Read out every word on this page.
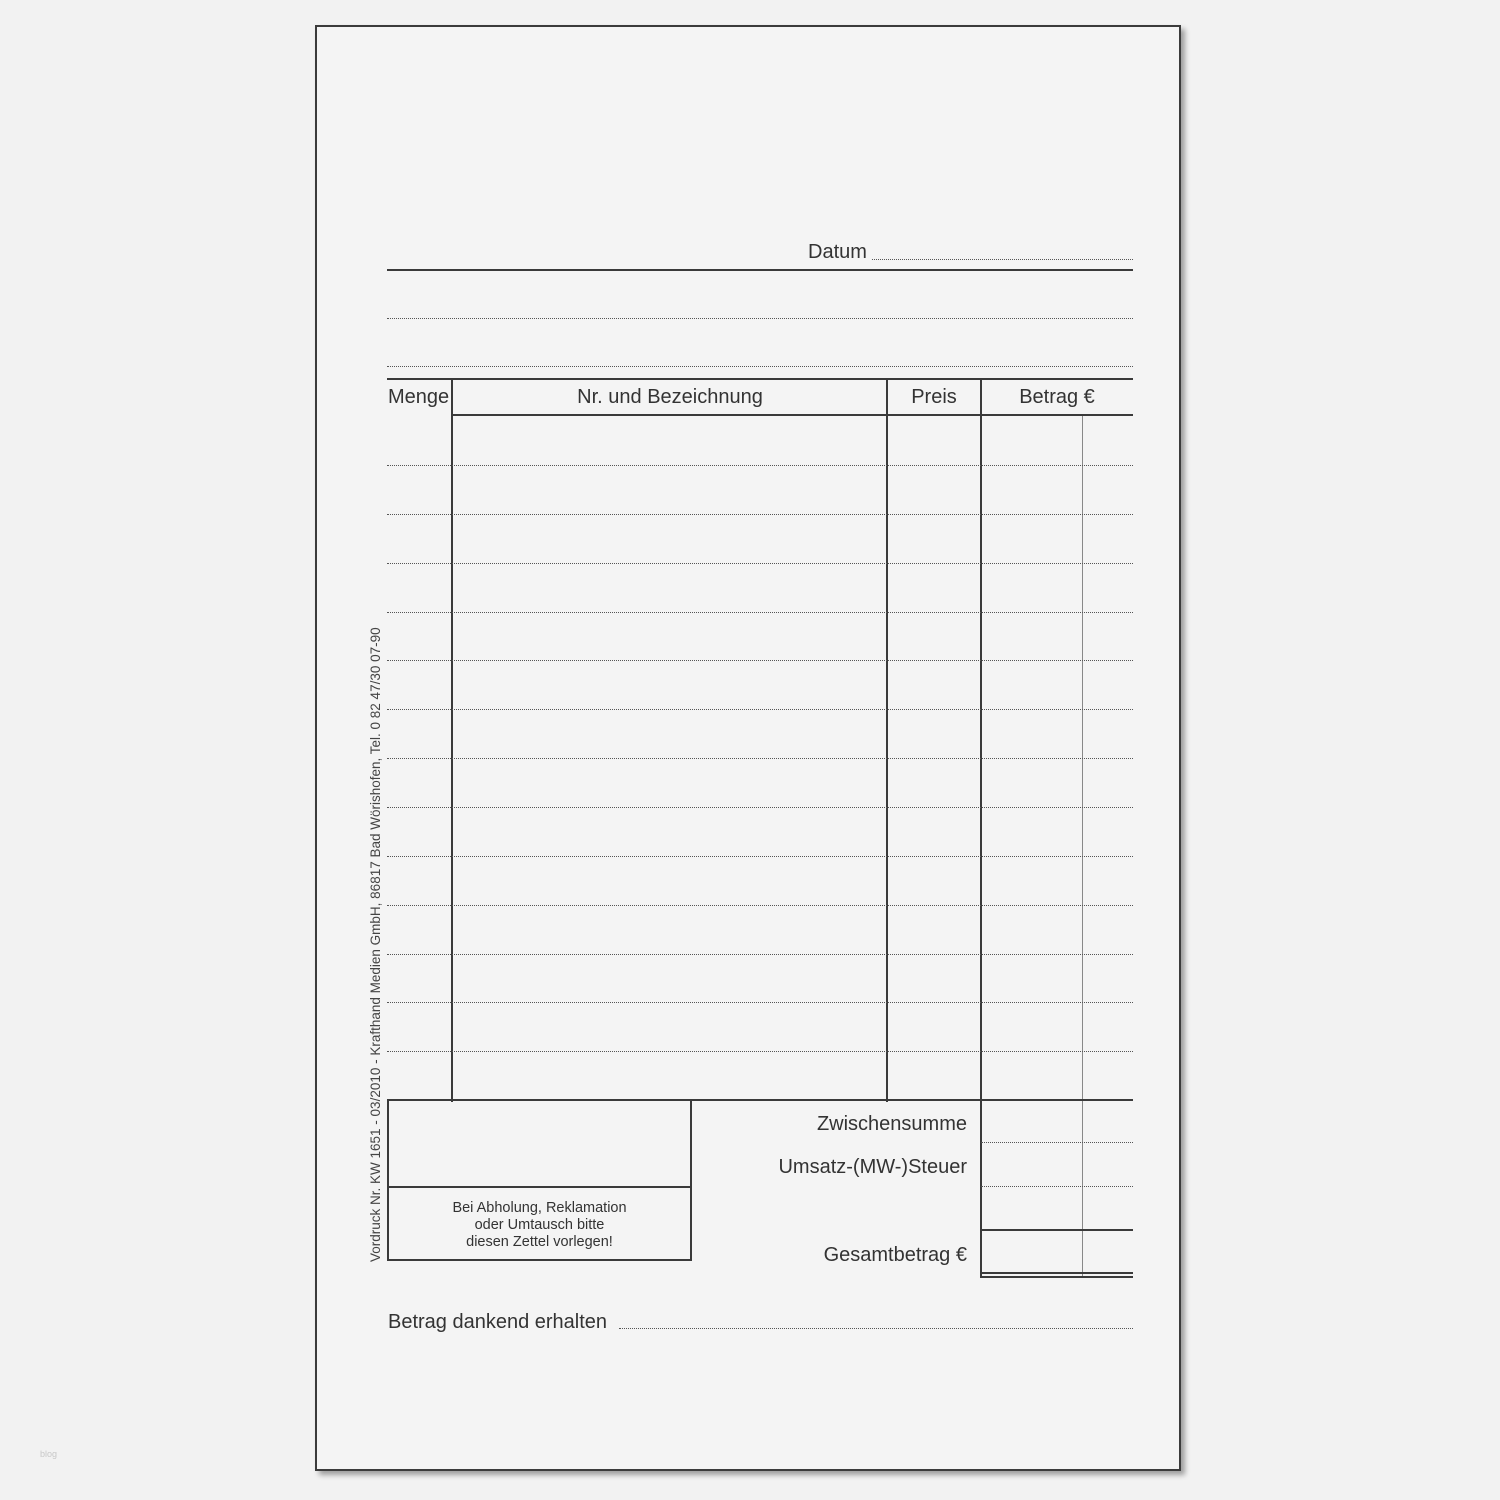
Datum
Menge	Nr. und Bezeichnung	Preis	Betrag €
Bei Abholung, Reklamation
oder Umtausch bitte
diesen Zettel vorlegen!
Zwischensumme
Umsatz-(MW-)Steuer
Gesamtbetrag €
Betrag dankend erhalten
Vordruck Nr. KW 1651 - 03/2010 - Krafthand Medien GmbH, 86817 Bad Wörishofen, Tel. 0 82 47/30 07-90
blog
